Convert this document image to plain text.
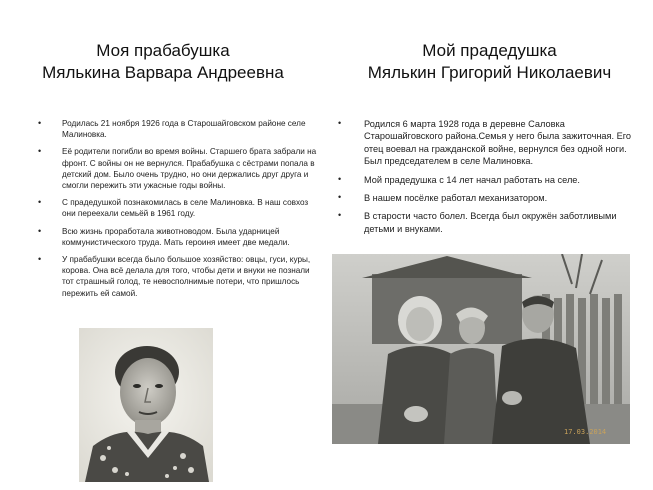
Моя прабабушка
Мялькина Варвара Андреевна
•	Родилась 21 ноября 1926 года в Старошайговском районе селе Малиновка.
•	Её родители погибли во время войны. Старшего брата забрали на фронт. С войны он не вернулся. Прабабушка с сёстрами попала в детский дом. Было очень трудно, но они держались друг друга и смогли пережить эти ужасные годы войны.
•	С прадедушкой познакомилась в селе Малиновка. В наш совхоз они переехали семьёй в 1961 году.
•	Всю жизнь проработала животноводом. Была ударницей коммунистического труда. Мать героиня имеет две медали.
•	У прабабушки всегда было большое хозяйство: овцы, гуси, куры, корова. Она всё делала для того, чтобы дети и внуки не познали тот страшный голод, те невосполнимые потери, что пришлось пережить ей самой.
Мой прадедушка
Мялькин Григорий Николаевич
• Родился 6 марта 1928 года в деревне Саловка Старошайговского района.Семья у него была зажиточная. Его отец воевал на гражданской войне, вернулся без одной ноги. Был председателем в селе Малиновка.
• Мой прадедушка с 14 лет начал работать на селе.
• В нашем посёлке работал механизатором.
• В старости часто болел. Всегда был окружён заботливыми детьми и внуками.
17.03.2014
